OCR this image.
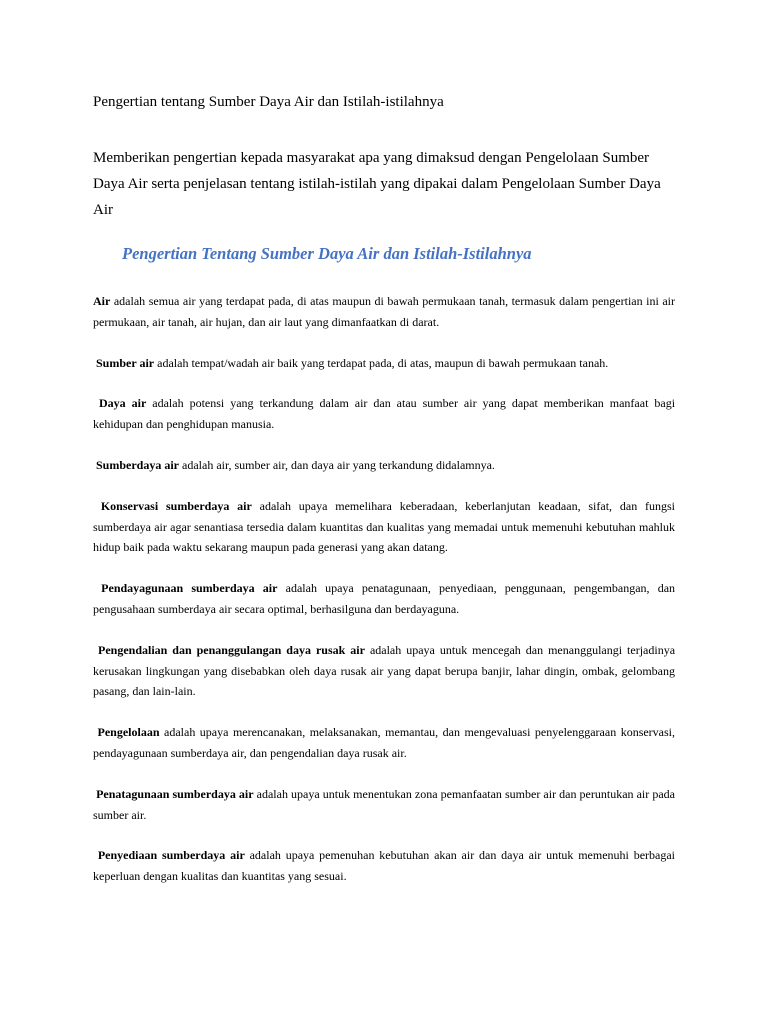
Pengertian tentang Sumber Daya Air dan Istilah-istilahnya
Memberikan pengertian kepada masyarakat apa yang dimaksud dengan Pengelolaan Sumber Daya Air serta penjelasan tentang istilah-istilah yang dipakai dalam Pengelolaan Sumber Daya Air
Pengertian Tentang Sumber Daya Air dan Istilah-Istilahnya

Air adalah semua air yang terdapat pada, di atas maupun di bawah permukaan tanah, termasuk dalam pengertian ini air permukaan, air tanah, air hujan, dan air laut yang dimanfaatkan di darat.

Sumber air adalah tempat/wadah air baik yang terdapat pada, di atas, maupun di bawah permukaan tanah.

Daya air adalah potensi yang terkandung dalam air dan atau sumber air yang dapat memberikan manfaat bagi kehidupan dan penghidupan manusia.

Sumberdaya air adalah air, sumber air, dan daya air yang terkandung didalamnya.

Konservasi sumberdaya air adalah upaya memelihara keberadaan, keberlanjutan keadaan, sifat, dan fungsi sumberdaya air agar senantiasa tersedia dalam kuantitas dan kualitas yang memadai untuk memenuhi kebutuhan mahluk hidup baik pada waktu sekarang maupun pada generasi yang akan datang.

Pendayagunaan sumberdaya air adalah upaya penatagunaan, penyediaan, penggunaan, pengembangan, dan pengusahaan sumberdaya air secara optimal, berhasilguna dan berdayaguna.

Pengendalian dan penanggulangan daya rusak air adalah upaya untuk mencegah dan menanggulangi terjadinya kerusakan lingkungan yang disebabkan oleh daya rusak air yang dapat berupa banjir, lahar dingin, ombak, gelombang pasang, dan lain-lain.

Pengelolaan adalah upaya merencanakan, melaksanakan, memantau, dan mengevaluasi penyelenggaraan konservasi, pendayagunaan sumberdaya air, dan pengendalian daya rusak air.

Penatagunaan sumberdaya air adalah upaya untuk menentukan zona pemanfaatan sumber air dan peruntukan air pada sumber air.

Penyediaan sumberdaya air adalah upaya pemenuhan kebutuhan akan air dan daya air untuk memenuhi berbagai keperluan dengan kualitas dan kuantitas yang sesuai.
